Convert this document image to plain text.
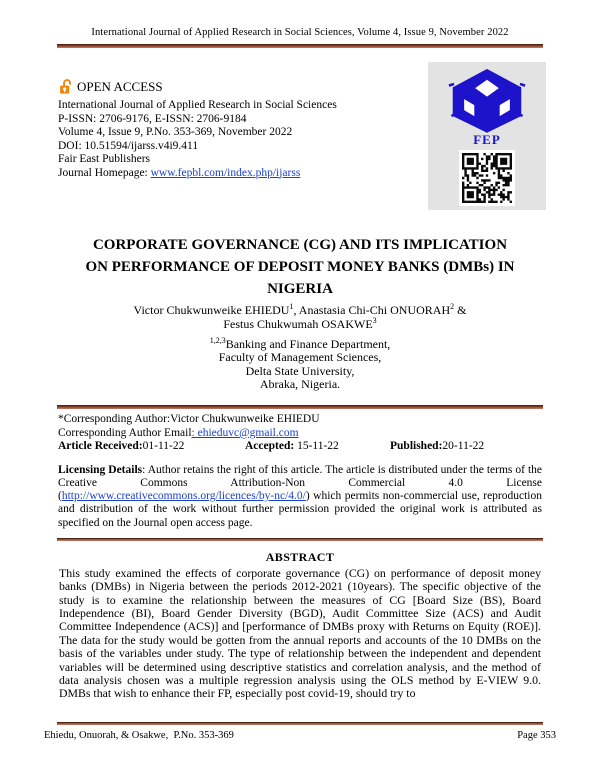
International Journal of Applied Research in Social Sciences, Volume 4, Issue 9, November 2022
FEP
OPEN ACCESS
International Journal of Applied Research in Social Sciences
P-ISSN: 2706-9176, E-ISSN: 2706-9184
Volume 4, Issue 9, P.No. 353-369, November 2022
DOI: 10.51594/ijarss.v4i9.411
Fair East Publishers
Journal Homepage: www.fepbl.com/index.php/ijarss
CORPORATE GOVERNANCE (CG) AND ITS IMPLICATION
ON PERFORMANCE OF DEPOSIT MONEY BANKS (DMBs) IN
NIGERIA
Victor Chukwunweike EHIEDU$^1$, Anastasia Chi-Chi ONUORAH$^2$ &
Festus Chukwumah OSAKWE$^3$
$^{1,2,3}$Banking and Finance Department,
Faculty of Management Sciences,
Delta State University,
Abraka, Nigeria.
*Corresponding Author:Victor Chukwunweike EHIEDU
Corresponding Author Email: ehieduvc@gmail.com
Article Received:01-11-22	Accepted: 15-11-22	Published:20-11-22
Licensing Details: Author retains the right of this article. The article is distributed under the terms of the Creative Commons Attribution-Non Commercial 4.0 License (http://www.creativecommons.org/licences/by-nc/4.0/) which permits non-commercial use, reproduction and distribution of the work without further permission provided the original work is attributed as specified on the Journal open access page.
ABSTRACT
This study examined the effects of corporate governance (CG) on performance of deposit money banks (DMBs) in Nigeria between the periods 2012-2021 (10years). The specific objective of the study is to examine the relationship between the measures of CG [Board Size (BS), Board Independence (BI), Board Gender Diversity (BGD), Audit Committee Size (ACS) and Audit Committee Independence (ACS)] and [performance of DMBs proxy with Returns on Equity (ROE)]. The data for the study would be gotten from the annual reports and accounts of the 10 DMBs on the basis of the variables under study. The type of relationship between the independent and dependent variables will be determined using descriptive statistics and correlation analysis, and the method of data analysis chosen was a multiple regression analysis using the OLS method by E-VIEW 9.0. DMBs that wish to enhance their FP, especially post covid-19, should try to
Ehiedu, Onuorah, & Osakwe,  P.No. 353-369	Page 353
